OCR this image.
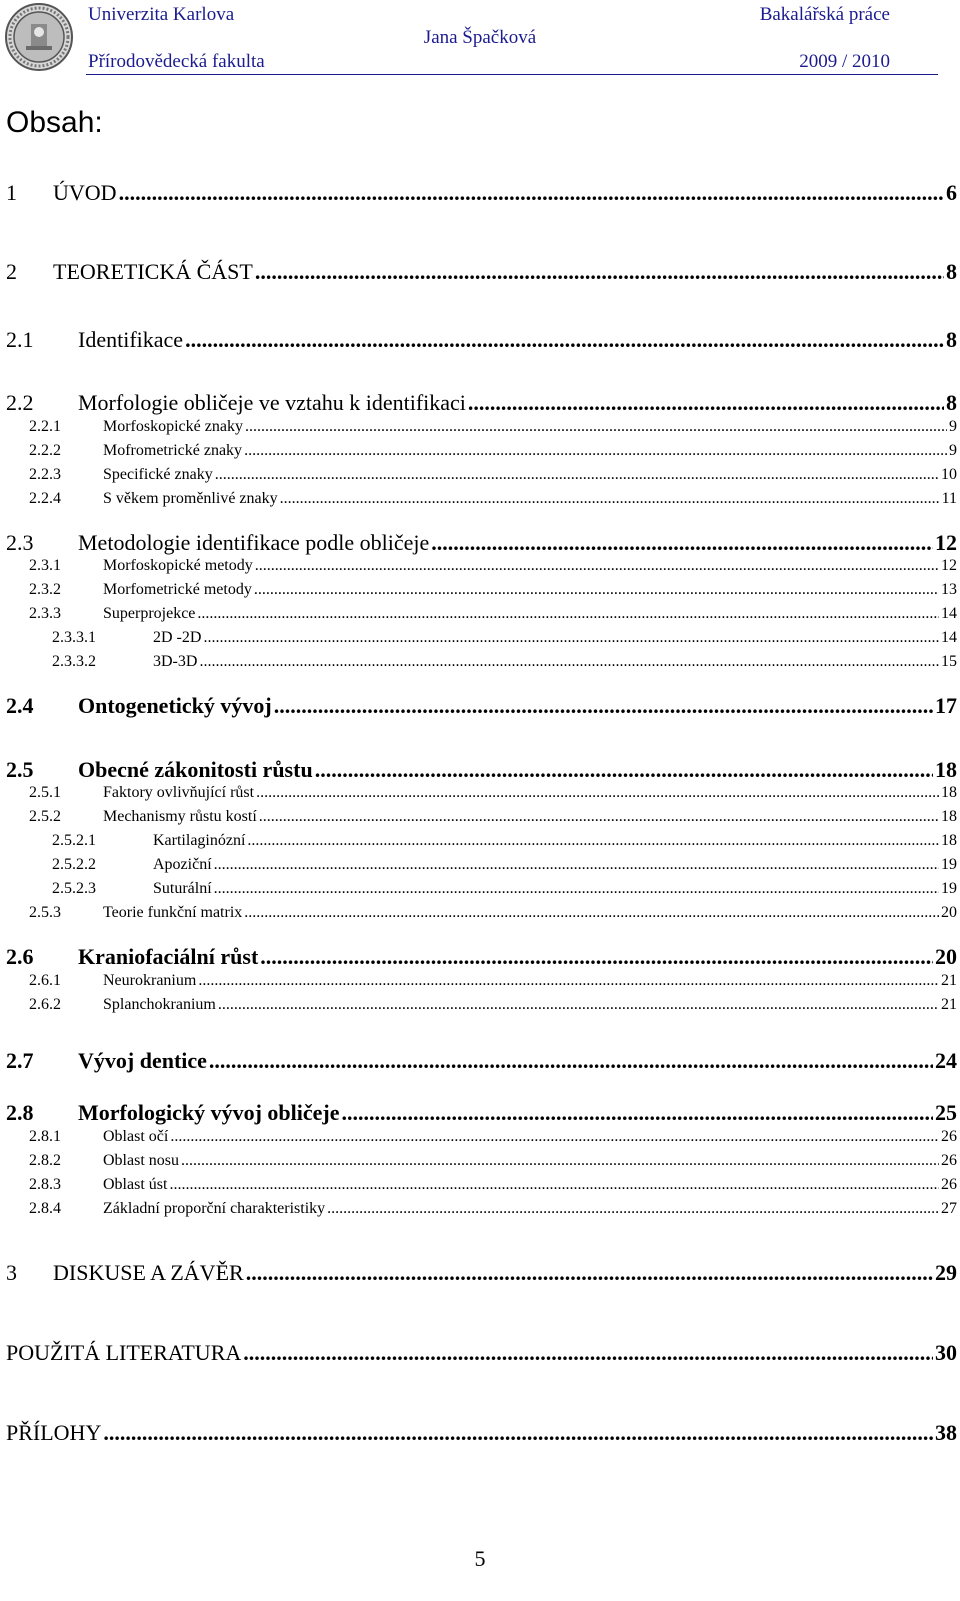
Univerzita Karlova
Přírodovědecká fakulta
Jana Špačková
Bakalářská práce
2009 / 2010
Obsah:
1 ÚVOD .....	6
2 TEORETICKÁ ČÁST .....	8
2.1 Identifikace .....	8
2.2 Morfologie obličeje ve vztahu k identifikaci .....	8
2.2.1	Morfoskopické znaky .....	9
2.2.2	Mofrometrické znaky .....	9
2.2.3	Specifické znaky .....	10
2.2.4	S věkem proměnlivé znaky .....	11
2.3 Metodologie identifikace podle obličeje .....	12
2.3.1	Morfoskopické metody .....	12
2.3.2	Morfometrické metody .....	13
2.3.3	Superprojekce .....	14
2.3.3.1	2D -2D .....	14
2.3.3.2	3D-3D .....	15
2.4 Ontogenetický vývoj .....	17
2.5 Obecné zákonitosti růstu .....	18
2.5.1	Faktory ovlivňující růst .....	18
2.5.2	Mechanismy růstu kostí .....	18
2.5.2.1	Kartilaginózní .....	18
2.5.2.2	Apoziční .....	19
2.5.2.3	Suturální .....	19
2.5.3	Teorie funkční matrix .....	20
2.6 Kraniofaciální růst .....	20
2.6.1	Neurokranium .....	21
2.6.2	Splanchokranium .....	21
2.7 Vývoj dentice .....	24
2.8 Morfologický vývoj obličeje .....	25
2.8.1	Oblast očí .....	26
2.8.2	Oblast nosu .....	26
2.8.3	Oblast úst .....	26
2.8.4	Základní proporční charakteristiky .....	27
3 DISKUSE A ZÁVĚR .....	29
POUŽITÁ LITERATURA .....	30
PŘÍLOHY .....	38
5
